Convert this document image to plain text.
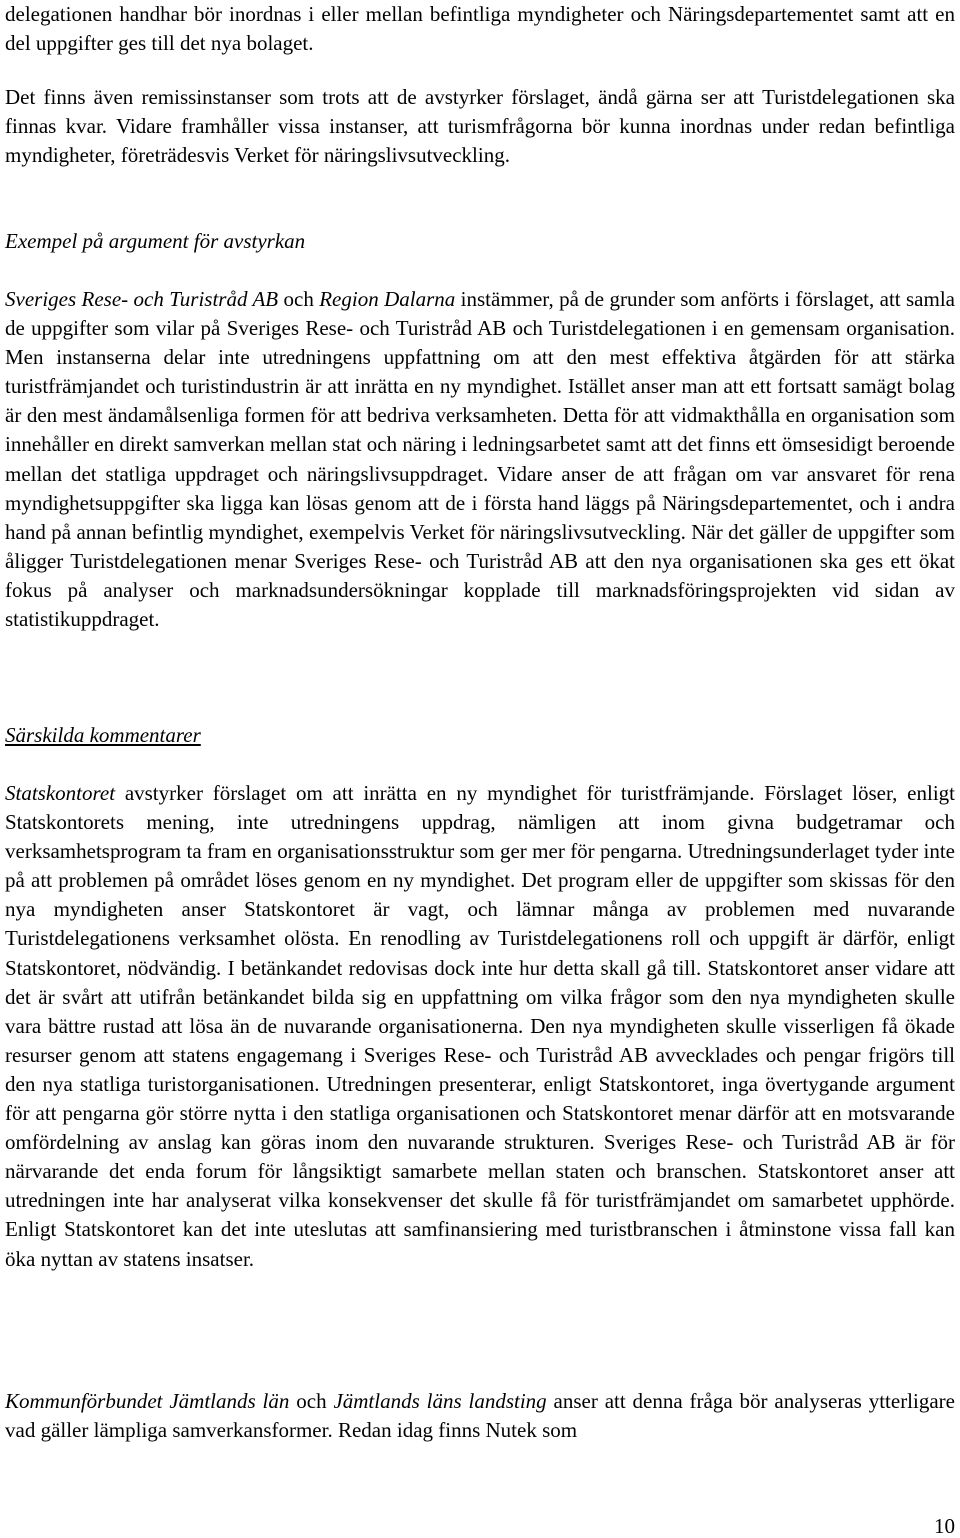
delegationen handhar bör inordnas i eller mellan befintliga myndigheter och Näringsdepartementet samt att en del uppgifter ges till det nya bolaget.

Det finns även remissinstanser som trots att de avstyrker förslaget, ändå gärna ser att Turistdelegationen ska finnas kvar. Vidare framhåller vissa instanser, att turismfrågorna bör kunna inordnas under redan befintliga myndigheter, företrädesvis Verket för näringslivsutveckling.

Exempel på argument för avstyrkan

Sveriges Rese- och Turistråd AB och Region Dalarna instämmer, på de grunder som anförts i förslaget, att samla de uppgifter som vilar på Sveriges Rese- och Turistråd AB och Turistdelegationen i en gemensam organisation. Men instanserna delar inte utredningens uppfattning om att den mest effektiva åtgärden för att stärka turistfrämjandet och turistindustrin är att inrätta en ny myndighet. Istället anser man att ett fortsatt samägt bolag är den mest ändamålsenliga formen för att bedriva verksamheten. Detta för att vidmakthålla en organisation som innehåller en direkt samverkan mellan stat och näring i ledningsarbetet samt att det finns ett ömsesidigt beroende mellan det statliga uppdraget och näringslivsuppdraget. Vidare anser de att frågan om var ansvaret för rena myndighetsuppgifter ska ligga kan lösas genom att de i första hand läggs på Näringsdepartementet, och i andra hand på annan befintlig myndighet, exempelvis Verket för näringslivsutveckling. När det gäller de uppgifter som åligger Turistdelegationen menar Sveriges Rese- och Turistråd AB att den nya organisationen ska ges ett ökat fokus på analyser och marknadsundersökningar kopplade till marknadsföringsprojekten vid sidan av statistikuppdraget.

Särskilda kommentarer

Statskontoret avstyrker förslaget om att inrätta en ny myndighet för turistfrämjande. Förslaget löser, enligt Statskontorets mening, inte utredningens uppdrag, nämligen att inom givna budgetramar och verksamhetsprogram ta fram en organisationsstruktur som ger mer för pengarna. Utredningsunderlaget tyder inte på att problemen på området löses genom en ny myndighet. Det program eller de uppgifter som skissas för den nya myndigheten anser Statskontoret är vagt, och lämnar många av problemen med nuvarande Turistdelegationens verksamhet olösta. En renodling av Turistdelegationens roll och uppgift är därför, enligt Statskontoret, nödvändig. I betänkandet redovisas dock inte hur detta skall gå till. Statskontoret anser vidare att det är svårt att utifrån betänkandet bilda sig en uppfattning om vilka frågor som den nya myndigheten skulle vara bättre rustad att lösa än de nuvarande organisationerna. Den nya myndigheten skulle visserligen få ökade resurser genom att statens engagemang i Sveriges Rese- och Turistråd AB avvecklades och pengar frigörs till den nya statliga turistorganisationen. Utredningen presenterar, enligt Statskontoret, inga övertygande argument för att pengarna gör större nytta i den statliga organisationen och Statskontoret menar därför att en motsvarande omfördelning av anslag kan göras inom den nuvarande strukturen. Sveriges Rese- och Turistråd AB är för närvarande det enda forum för långsiktigt samarbete mellan staten och branschen. Statskontoret anser att utredningen inte har analyserat vilka konsekvenser det skulle få för turistfrämjandet om samarbetet upphörde. Enligt Statskontoret kan det inte uteslutas att samfinansiering med turistbranschen i åtminstone vissa fall kan öka nyttan av statens insatser.

Kommunförbundet Jämtlands län och Jämtlands läns landsting anser att denna fråga bör analyseras ytterligare vad gäller lämpliga samverkansformer. Redan idag finns Nutek som

10
